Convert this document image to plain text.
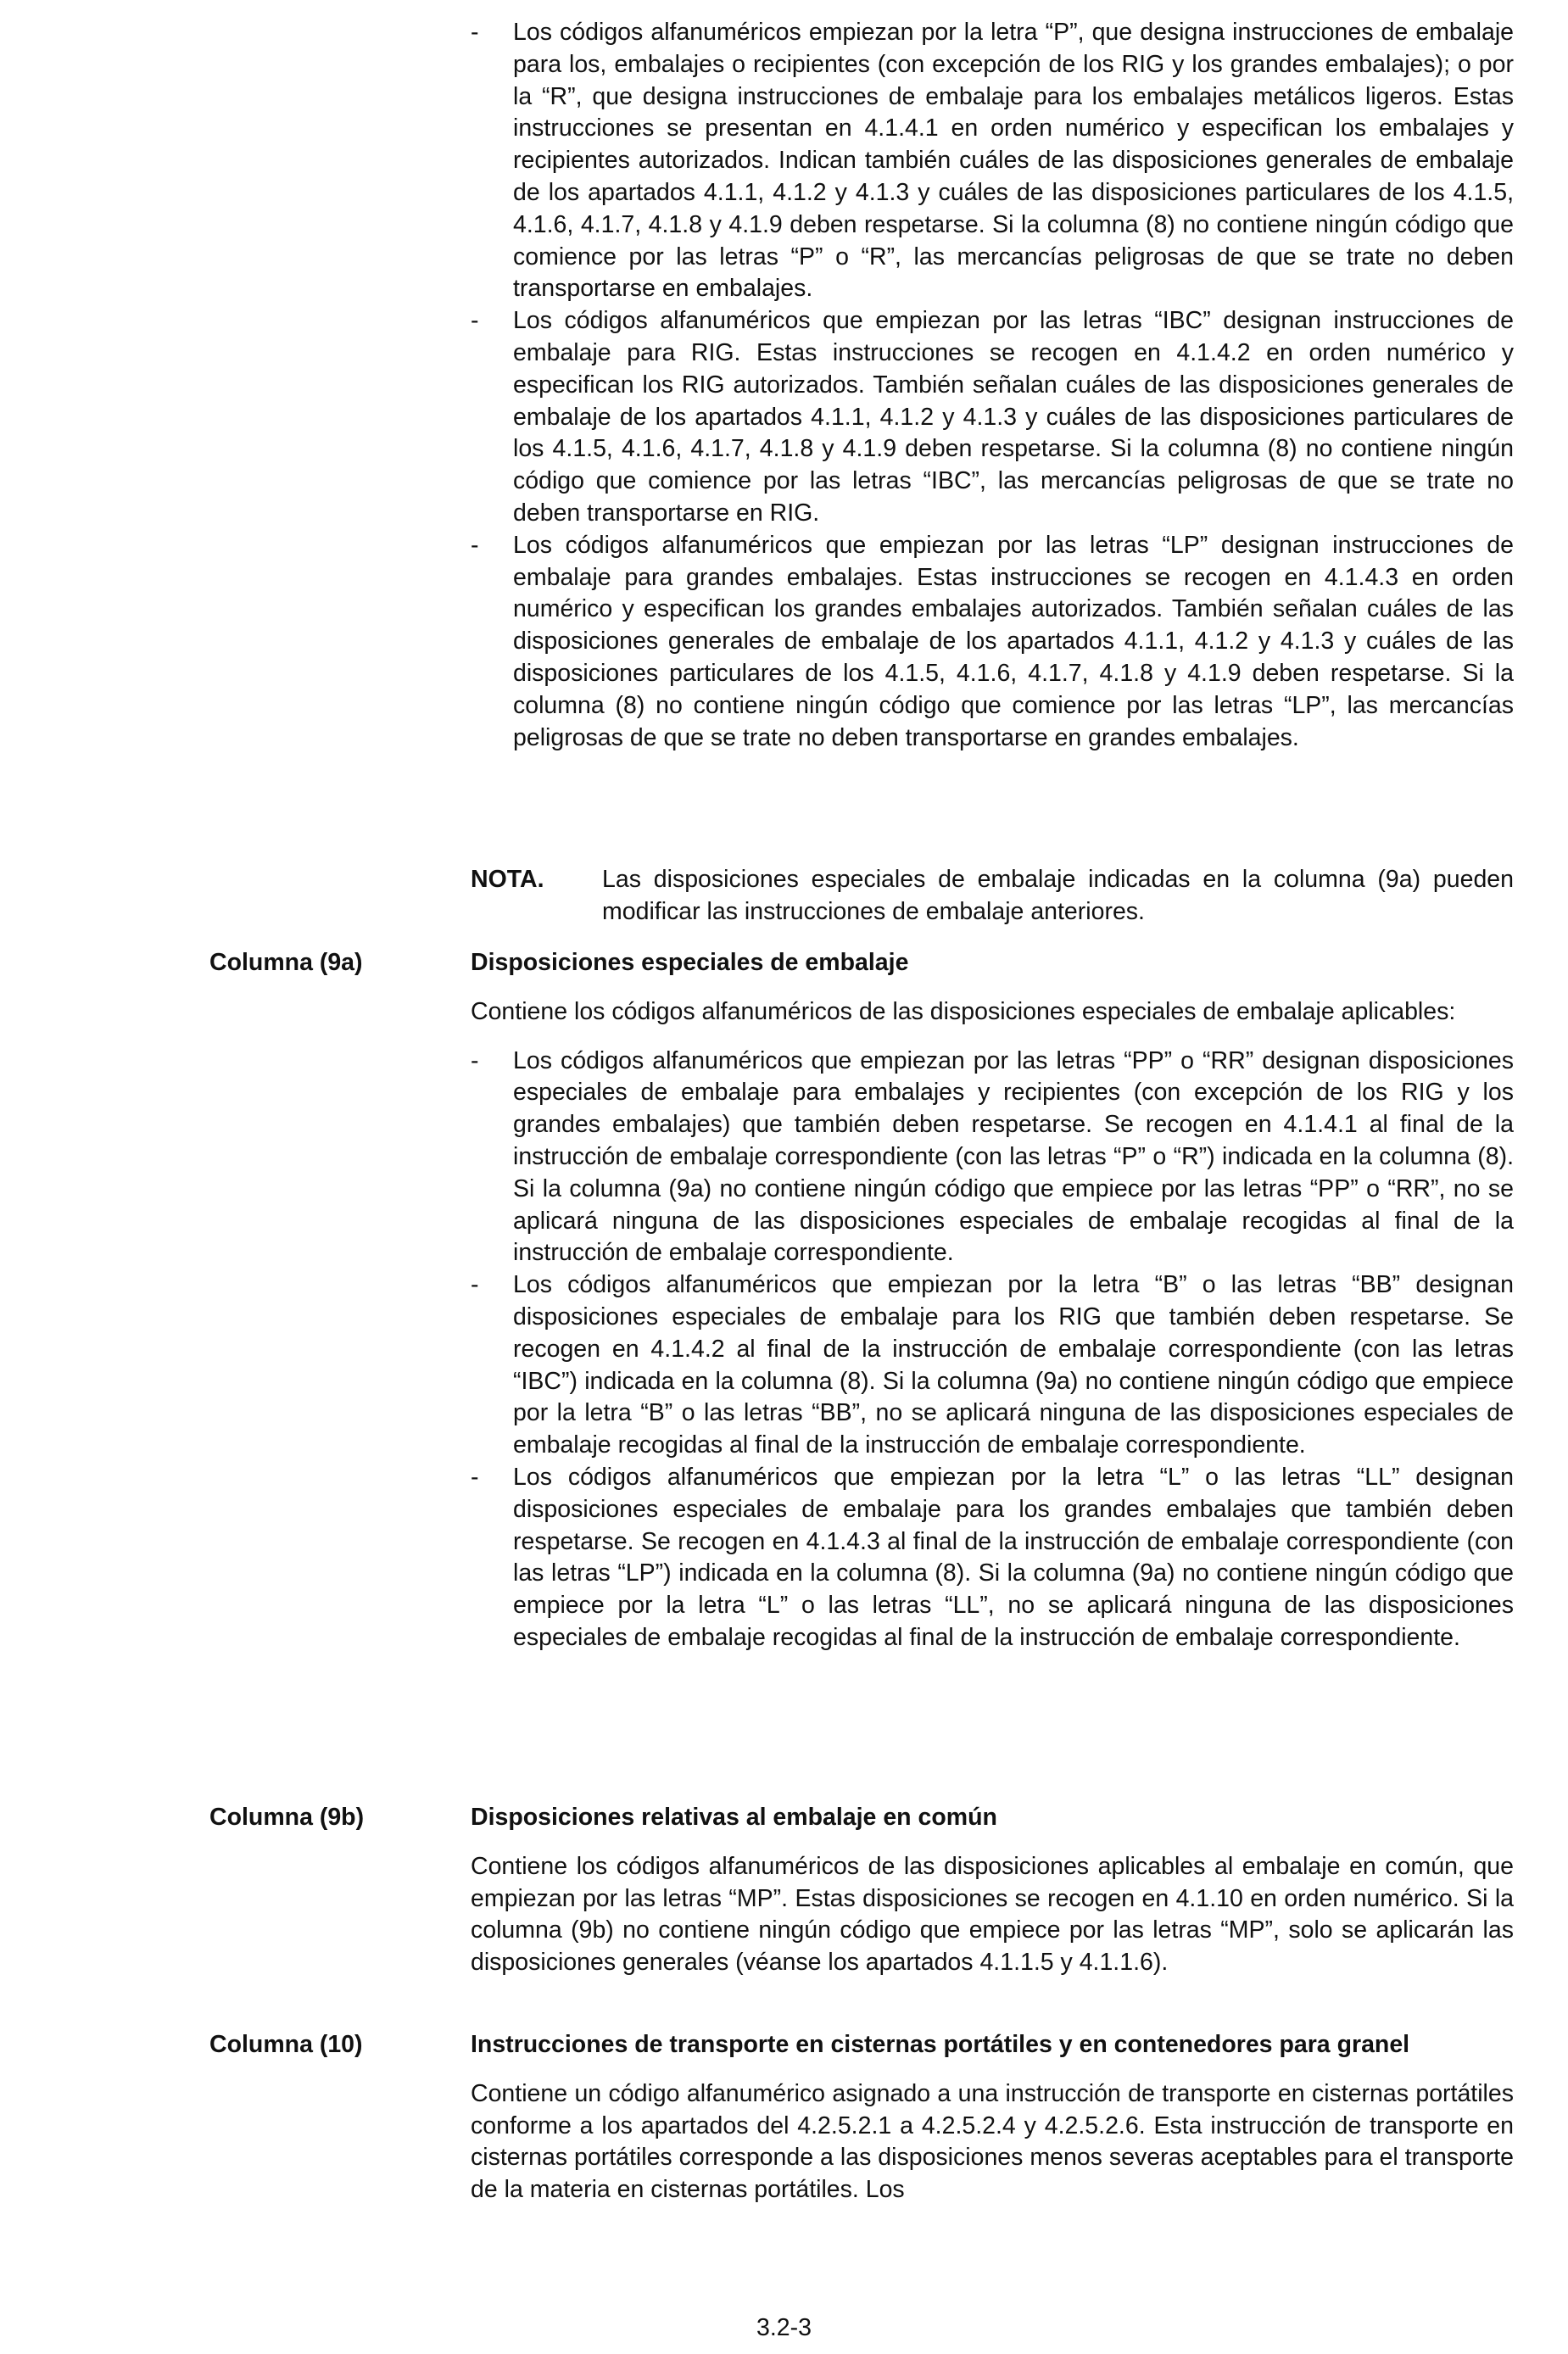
- Los códigos alfanuméricos empiezan por la letra “P”, que designa instrucciones de embalaje para los, embalajes o recipientes (con excepción de los RIG y los grandes embalajes); o por la “R”, que designa instrucciones de embalaje para los embalajes metálicos ligeros. Estas instrucciones se presentan en 4.1.4.1 en orden numérico y especifican los embalajes y recipientes autorizados. Indican también cuáles de las disposiciones generales de embalaje de los apartados 4.1.1, 4.1.2 y 4.1.3 y cuáles de las disposiciones particulares de los 4.1.5, 4.1.6, 4.1.7, 4.1.8 y 4.1.9 deben respetarse. Si la columna (8) no contiene ningún código que comience por las letras “P” o “R”, las mercancías peligrosas de que se trate no deben transportarse en embalajes.
- Los códigos alfanuméricos que empiezan por las letras “IBC” designan instrucciones de embalaje para RIG. Estas instrucciones se recogen en 4.1.4.2 en orden numérico y especifican los RIG autorizados. También señalan cuáles de las disposiciones generales de embalaje de los apartados 4.1.1, 4.1.2 y 4.1.3 y cuáles de las disposiciones particulares de los 4.1.5, 4.1.6, 4.1.7, 4.1.8 y 4.1.9 deben respetarse. Si la columna (8) no contiene ningún código que comience por las letras “IBC”, las mercancías peligrosas de que se trate no deben transportarse en RIG.
- Los códigos alfanuméricos que empiezan por las letras “LP” designan instrucciones de embalaje para grandes embalajes. Estas instrucciones se recogen en 4.1.4.3 en orden numérico y especifican los grandes embalajes autorizados. También señalan cuáles de las disposiciones generales de embalaje de los apartados 4.1.1, 4.1.2 y 4.1.3 y cuáles de las disposiciones particulares de los 4.1.5, 4.1.6, 4.1.7, 4.1.8 y 4.1.9 deben respetarse. Si la columna (8) no contiene ningún código que comience por las letras “LP”, las mercancías peligrosas de que se trate no deben transportarse en grandes embalajes.
NOTA. Las disposiciones especiales de embalaje indicadas en la columna (9a) pueden modificar las instrucciones de embalaje anteriores.
Columna (9a)	Disposiciones especiales de embalaje

Contiene los códigos alfanuméricos de las disposiciones especiales de embalaje aplicables:

- Los códigos alfanuméricos que empiezan por las letras “PP” o “RR” designan disposiciones especiales de embalaje para embalajes y recipientes (con excepción de los RIG y los grandes embalajes) que también deben respetarse. Se recogen en 4.1.4.1 al final de la instrucción de embalaje correspondiente (con las letras “P” o “R”) indicada en la columna (8). Si la columna (9a) no contiene ningún código que empiece por las letras “PP” o “RR”, no se aplicará ninguna de las disposiciones especiales de embalaje recogidas al final de la instrucción de embalaje correspondiente.
- Los códigos alfanuméricos que empiezan por la letra “B” o las letras “BB” designan disposiciones especiales de embalaje para los RIG que también deben respetarse. Se recogen en 4.1.4.2 al final de la instrucción de embalaje correspondiente (con las letras “IBC”) indicada en la columna (8). Si la columna (9a) no contiene ningún código que empiece por la letra “B” o las letras “BB”, no se aplicará ninguna de las disposiciones especiales de embalaje recogidas al final de la instrucción de embalaje correspondiente.
- Los códigos alfanuméricos que empiezan por la letra “L” o las letras “LL” designan disposiciones especiales de embalaje para los grandes embalajes que también deben respetarse. Se recogen en 4.1.4.3 al final de la instrucción de embalaje correspondiente (con las letras “LP”) indicada en la columna (8). Si la columna (9a) no contiene ningún código que empiece por la letra “L” o las letras “LL”, no se aplicará ninguna de las disposiciones especiales de embalaje recogidas al final de la instrucción de embalaje correspondiente.
Columna (9b)	Disposiciones relativas al embalaje en común

Contiene los códigos alfanuméricos de las disposiciones aplicables al embalaje en común, que empiezan por las letras “MP”. Estas disposiciones se recogen en 4.1.10 en orden numérico. Si la columna (9b) no contiene ningún código que empiece por las letras “MP”, solo se aplicarán las disposiciones generales (véanse los apartados 4.1.1.5 y 4.1.1.6).

Columna (10)	Instrucciones de transporte en cisternas portátiles y en contenedores para granel

Contiene un código alfanumérico asignado a una instrucción de transporte en cisternas portátiles conforme a los apartados del 4.2.5.2.1 a 4.2.5.2.4 y 4.2.5.2.6. Esta instrucción de transporte en cisternas portátiles corresponde a las disposiciones menos severas aceptables para el transporte de la materia en cisternas portátiles. Los

3.2-3
